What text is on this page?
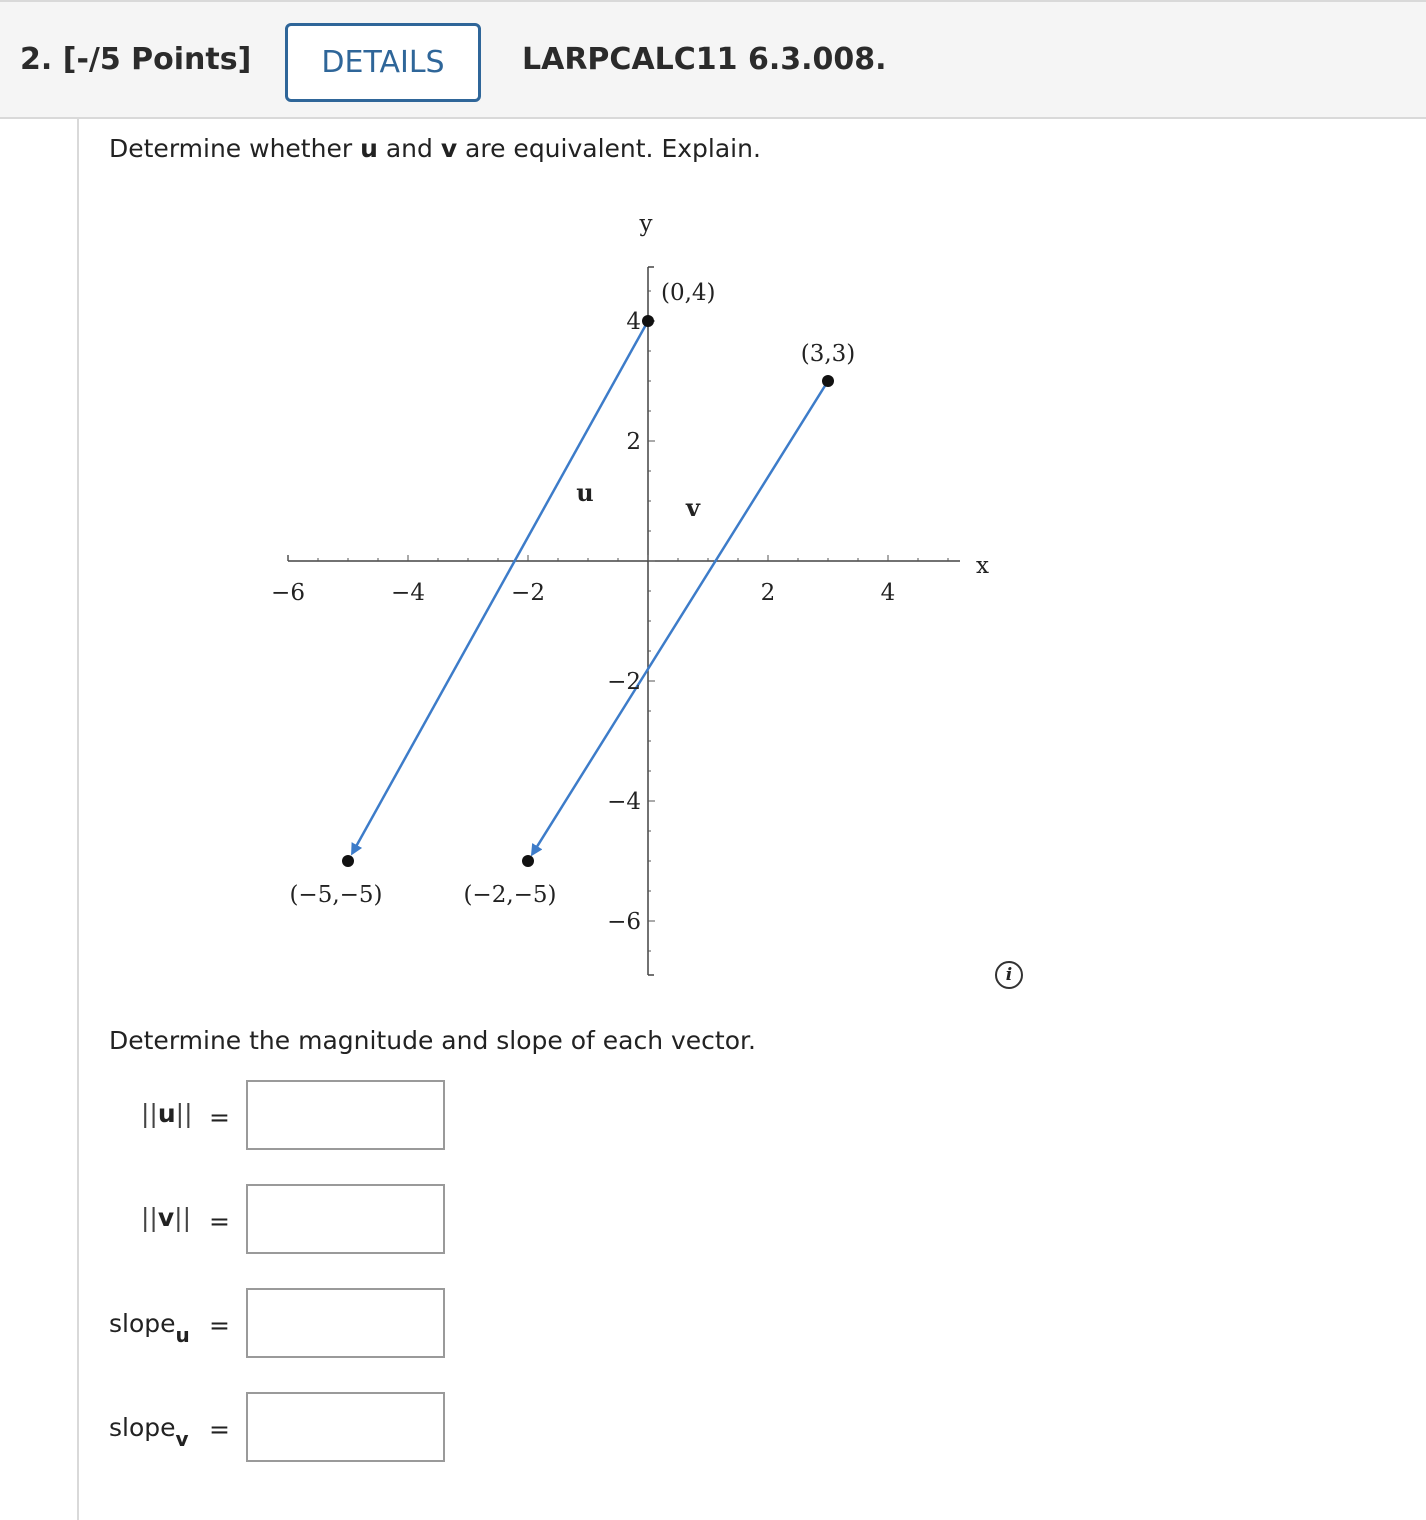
2. [-/5 Points]	DETAILS	LARPCALC11 6.3.008.
Determine whether u and v are equivalent. Explain.
−6	−4	−2	2	4
4
2
−2
−4
−6
x
y
(0,4)
(3,3)
(−5,−5)	(−2,−5)
u
v
i
Determine the magnitude and slope of each vector.
||u|| =
||v|| =
slope$_u$ =
slope$_v$ =
